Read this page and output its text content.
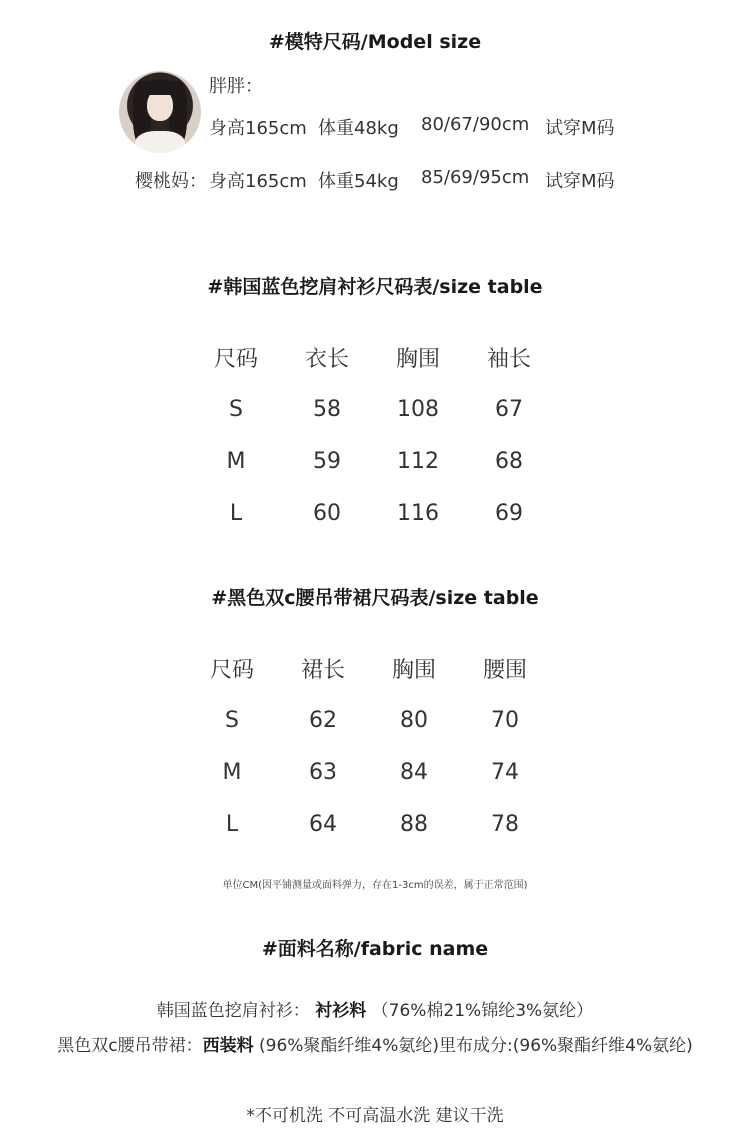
#模特尺码/Model size
胖胖：
身高165cm 体重48kg 80/67/90cm 试穿M码
樱桃妈： 身高165cm 体重54kg 85/69/95cm 试穿M码
#韩国蓝色挖肩衬衫尺码表/size table
尺码	衣长	胸围	袖长
S	58	108	67
M	59	112	68
L	60	116	69
#黑色双c腰吊带裙尺码表/size table
尺码	裙长	胸围	腰围
S	62	80	70
M	63	84	74
L	64	88	78
单位CM(因平铺测量或面料弹力，存在1-3cm的误差，属于正常范围)
#面料名称/fabric name
韩国蓝色挖肩衬衫： 衬衫料 （76%棉21%锦纶3%氨纶）
黑色双c腰吊带裙：西装料 (96%聚酯纤维4%氨纶)里布成分:(96%聚酯纤维4%氨纶)
*不可机洗 不可高温水洗 建议干洗
